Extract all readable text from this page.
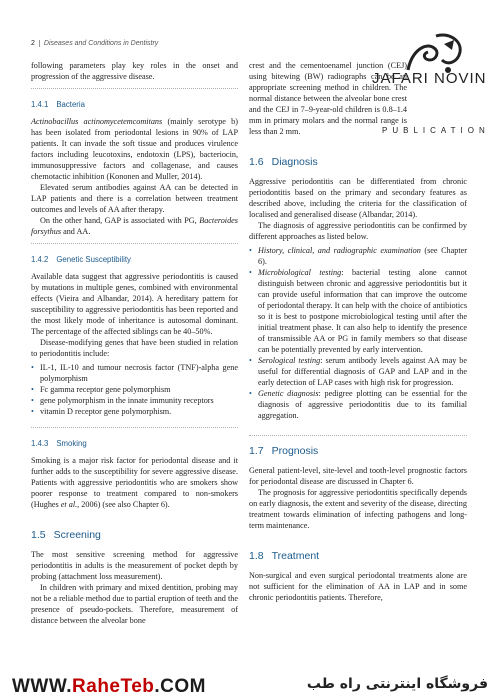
2 Diseases and Conditions in Dentistry
JAFARI NOVIN
PUBLICATION

following parameters play key roles in the onset and progression of the aggressive disease.

1.4.1 Bacteria

Actinobacillus actinomycetemcomitans (mainly serotype b) has been isolated from periodontal lesions in 90% of LAP patients. It can invade the soft tissue and produces virulence factors including leucotoxins, endotoxin (LPS), bacteriocin, immunosuppressive factors and collagenase, and causes chemotactic inhibition (Kononen and Muller, 2014).

Elevated serum antibodies against AA can be detected in LAP patients and there is a correlation between treatment outcomes and levels of AA after therapy.

On the other hand, GAP is associated with PG, Bacteroides forsythus and AA.

1.4.2 Genetic Susceptibility

Available data suggest that aggressive periodontitis is caused by mutations in multiple genes, combined with environmental effects (Vieira and Albandar, 2014). A hereditary pattern for susceptibility to aggressive periodontitis has been reported and the most likely mode of inheritance is autosomal dominant. The percentage of the affected siblings can be 40–50%.

Disease-modifying genes that have been studied in relation to periodontitis include:

• IL-1, IL-10 and tumour necrosis factor (TNF)-alpha gene polymorphism
• Fc gamma receptor gene polymorphism
• gene polymorphism in the innate immunity receptors
• vitamin D receptor gene polymorphism.
1.4.3 Smoking

Smoking is a major risk factor for periodontal disease and it further adds to the susceptibility for severe aggressive disease. Patients with aggressive periodontitis who are smokers show poorer response to treatment compared to non-smokers (Hughes et al., 2006) (see also Chapter 6).

1.5 Screening

The most sensitive screening method for aggressive periodontitis in adults is the measurement of pocket depth by probing (attachment loss measurement).

In children with primary and mixed dentition, probing may not be a reliable method due to partial eruption of teeth and the presence of pseudo-pockets. Therefore, measurement of distance between the alveolar bone

crest and the cementoenamel junction (CEJ) using bitewing (BW) radiographs can be an appropriate screening method in children. The normal distance between the alveolar bone crest and the CEJ in 7–9-year-old children is 0.8–1.4 mm in primary molars and the normal range is less than 2 mm.

1.6 Diagnosis

Aggressive periodontitis can be differentiated from chronic periodontitis based on the primary and secondary features as described above, including the criteria for the classification of localised and generalised disease (Albandar, 2014).

The diagnosis of aggressive periodontitis can be confirmed by different approaches as listed below.

• History, clinical, and radiographic examination (see Chapter 6).
• Microbiological testing: bacterial testing alone cannot distinguish between chronic and aggressive periodontitis but it can provide useful information that can improve the outcome of periodontal therapy. It can help with the choice of antibiotics so it is best to postpone microbiological testing until after the initial treatment phase. It can also help to identify the presence of transmissible AA or PG in family members so that disease can be potentially prevented by early intervention.
• Serological testing: serum antibody levels against AA may be useful for differential diagnosis of GAP and LAP and in the early detection of LAP cases with high risk for progression.
• Genetic diagnosis: pedigree plotting can be essential for the diagnosis of aggressive periodontitis due to its familial aggregation.
1.7 Prognosis

General patient-level, site-level and tooth-level prognostic factors for periodontal disease are discussed in Chapter 6.

The prognosis for aggressive periodontitis specifically depends on early diagnosis, the extent and severity of the disease, directing treatment towards elimination of infecting pathogens and long-term maintenance.

1.8 Treatment

Non-surgical and even surgical periodontal treatments alone are not sufficient for the elimination of AA in LAP and in some chronic periodontitis patients. Therefore,

WWW.RaheTeb.COM	فروشگاه اینترنتی راه طب
